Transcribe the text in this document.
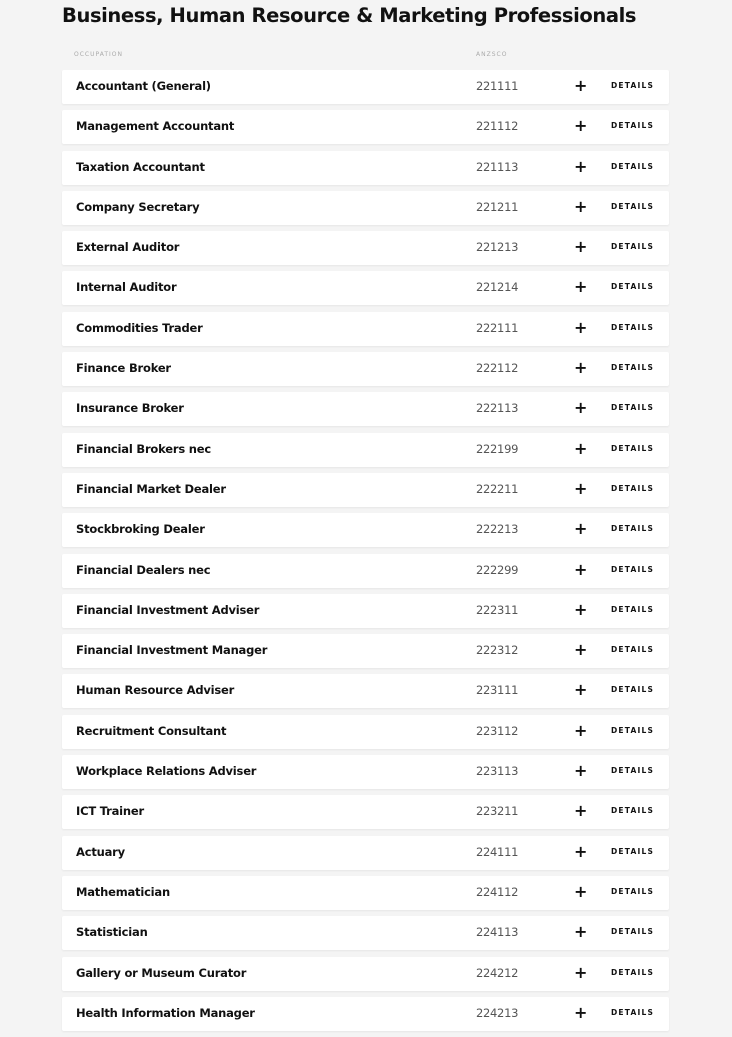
Business, Human Resource & Marketing Professionals
OCCUPATION	ANZSCO
Accountant (General)	221111	+	DETAILS
Management Accountant	221112	+	DETAILS
Taxation Accountant	221113	+	DETAILS
Company Secretary	221211	+	DETAILS
External Auditor	221213	+	DETAILS
Internal Auditor	221214	+	DETAILS
Commodities Trader	222111	+	DETAILS
Finance Broker	222112	+	DETAILS
Insurance Broker	222113	+	DETAILS
Financial Brokers nec	222199	+	DETAILS
Financial Market Dealer	222211	+	DETAILS
Stockbroking Dealer	222213	+	DETAILS
Financial Dealers nec	222299	+	DETAILS
Financial Investment Adviser	222311	+	DETAILS
Financial Investment Manager	222312	+	DETAILS
Human Resource Adviser	223111	+	DETAILS
Recruitment Consultant	223112	+	DETAILS
Workplace Relations Adviser	223113	+	DETAILS
ICT Trainer	223211	+	DETAILS
Actuary	224111	+	DETAILS
Mathematician	224112	+	DETAILS
Statistician	224113	+	DETAILS
Gallery or Museum Curator	224212	+	DETAILS
Health Information Manager	224213	+	DETAILS
